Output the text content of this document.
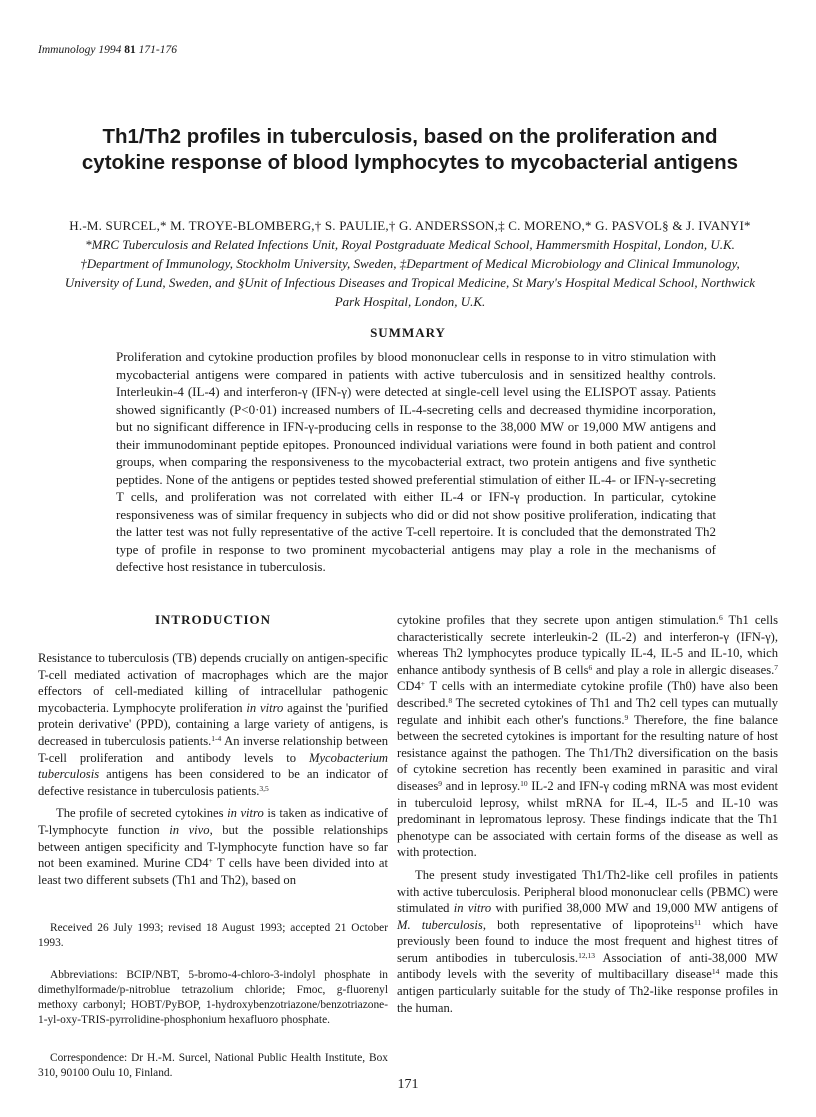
Immunology 1994 81 171-176
Th1/Th2 profiles in tuberculosis, based on the proliferation and cytokine response of blood lymphocytes to mycobacterial antigens
H.-M. SURCEL,* M. TROYE-BLOMBERG,† S. PAULIE,† G. ANDERSSON,‡ C. MORENO,* G. PASVOL§ & J. IVANYI* *MRC Tuberculosis and Related Infections Unit, Royal Postgraduate Medical School, Hammersmith Hospital, London, U.K. †Department of Immunology, Stockholm University, Sweden, ‡Department of Medical Microbiology and Clinical Immunology, University of Lund, Sweden, and §Unit of Infectious Diseases and Tropical Medicine, St Mary's Hospital Medical School, Northwick Park Hospital, London, U.K.
SUMMARY
Proliferation and cytokine production profiles by blood mononuclear cells in response to in vitro stimulation with mycobacterial antigens were compared in patients with active tuberculosis and in sensitized healthy controls. Interleukin-4 (IL-4) and interferon-γ (IFN-γ) were detected at single-cell level using the ELISPOT assay. Patients showed significantly (P<0·01) increased numbers of IL-4-secreting cells and decreased thymidine incorporation, but no significant difference in IFN-γ-producing cells in response to the 38,000 MW or 19,000 MW antigens and their immunodominant peptide epitopes. Pronounced individual variations were found in both patient and control groups, when comparing the responsiveness to the mycobacterial extract, two protein antigens and five synthetic peptides. None of the antigens or peptides tested showed preferential stimulation of either IL-4- or IFN-γ-secreting T cells, and proliferation was not correlated with either IL-4 or IFN-γ production. In particular, cytokine responsiveness was of similar frequency in subjects who did or did not show positive proliferation, indicating that the latter test was not fully representative of the active T-cell repertoire. It is concluded that the demonstrated Th2 type of profile in response to two prominent mycobacterial antigens may play a role in the mechanisms of defective host resistance in tuberculosis.
INTRODUCTION

Resistance to tuberculosis (TB) depends crucially on antigen-specific T-cell mediated activation of macrophages which are the major effectors of cell-mediated killing of intracellular pathogenic mycobacteria. Lymphocyte proliferation in vitro against the 'purified protein derivative' (PPD), containing a large variety of antigens, is decreased in tuberculosis patients.$^{1-4}$ An inverse relationship between T-cell proliferation and antibody levels to Mycobacterium tuberculosis antigens has been considered to be an indicator of defective resistance in tuberculosis patients.$^{3,5}$

The profile of secreted cytokines in vitro is taken as indicative of T-lymphocyte function in vivo, but the possible relationships between antigen specificity and T-lymphocyte function have so far not been examined. Murine CD4+ T cells have been divided into at least two different subsets (Th1 and Th2), based on

cytokine profiles that they secrete upon antigen stimulation.$^6$ Th1 cells characteristically secrete interleukin-2 (IL-2) and interferon-γ (IFN-γ), whereas Th2 lymphocytes produce typically IL-4, IL-5 and IL-10, which enhance antibody synthesis of B cells$^6$ and play a role in allergic diseases.$^7$ CD4+ T cells with an intermediate cytokine profile (Th0) have also been described.$^8$ The secreted cytokines of Th1 and Th2 cell types can mutually regulate and inhibit each other's functions.$^9$ Therefore, the fine balance between the secreted cytokines is important for the resulting nature of host resistance against the pathogen. The Th1/Th2 diversification on the basis of cytokine secretion has recently been examined in parasitic and viral diseases$^9$ and in leprosy.$^{10}$ IL-2 and IFN-γ coding mRNA was most evident in tuberculoid leprosy, whilst mRNA for IL-4, IL-5 and IL-10 was predominant in lepromatous leprosy. These findings indicate that the Th1 phenotype can be associated with certain forms of the disease as well as with protection.

The present study investigated Th1/Th2-like cell profiles in patients with active tuberculosis. Peripheral blood mononuclear cells (PBMC) were stimulated in vitro with purified 38,000 MW and 19,000 MW antigens of M. tuberculosis, both representative of lipoproteins$^{11}$ which have previously been found to induce the most frequent and highest titres of serum antibodies in tuberculosis.$^{12,13}$ Association of anti-38,000 MW antibody levels with the severity of multibacillary disease$^{14}$ made this antigen particularly suitable for the study of Th2-like response profiles in the human.

Received 26 July 1993; revised 18 August 1993; accepted 21 October 1993.

Abbreviations: BCIP/NBT, 5-bromo-4-chloro-3-indolyl phosphate in dimethylformade/p-nitroblue tetrazolium chloride; Fmoc, g-fluorenyl methoxy carbonyl; HOBT/PyBOP, 1-hydroxybenzotriazone/benzotriazone-1-yl-oxy-TRIS-pyrrolidine-phosphonium hexafluoro phosphate.

Correspondence: Dr H.-M. Surcel, National Public Health Institute, Box 310, 90100 Oulu 10, Finland.

171
